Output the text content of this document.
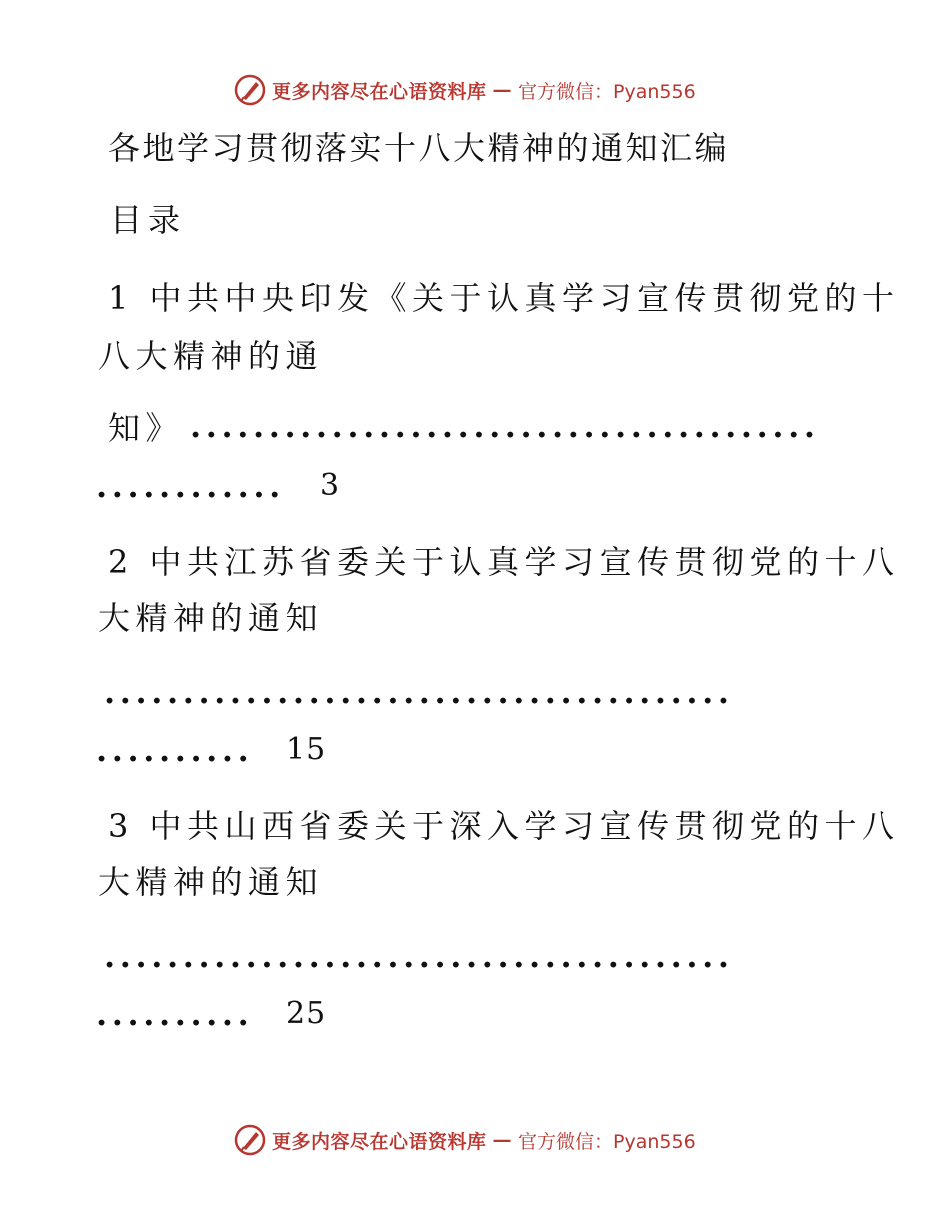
更多内容尽在心语资料库 — 官方微信：Pyan556
各地学习贯彻落实十八大精神的通知汇编
目录
1 中共中央印发《关于认真学习宣传贯彻党的十
八大精神的通
知》 ........................................
............ 3
2 中共江苏省委关于认真学习宣传贯彻党的十八
大精神的通知
........................................
.......... 15
3 中共山西省委关于深入学习宣传贯彻党的十八
大精神的通知
........................................
.......... 25
更多内容尽在心语资料库 — 官方微信：Pyan556
